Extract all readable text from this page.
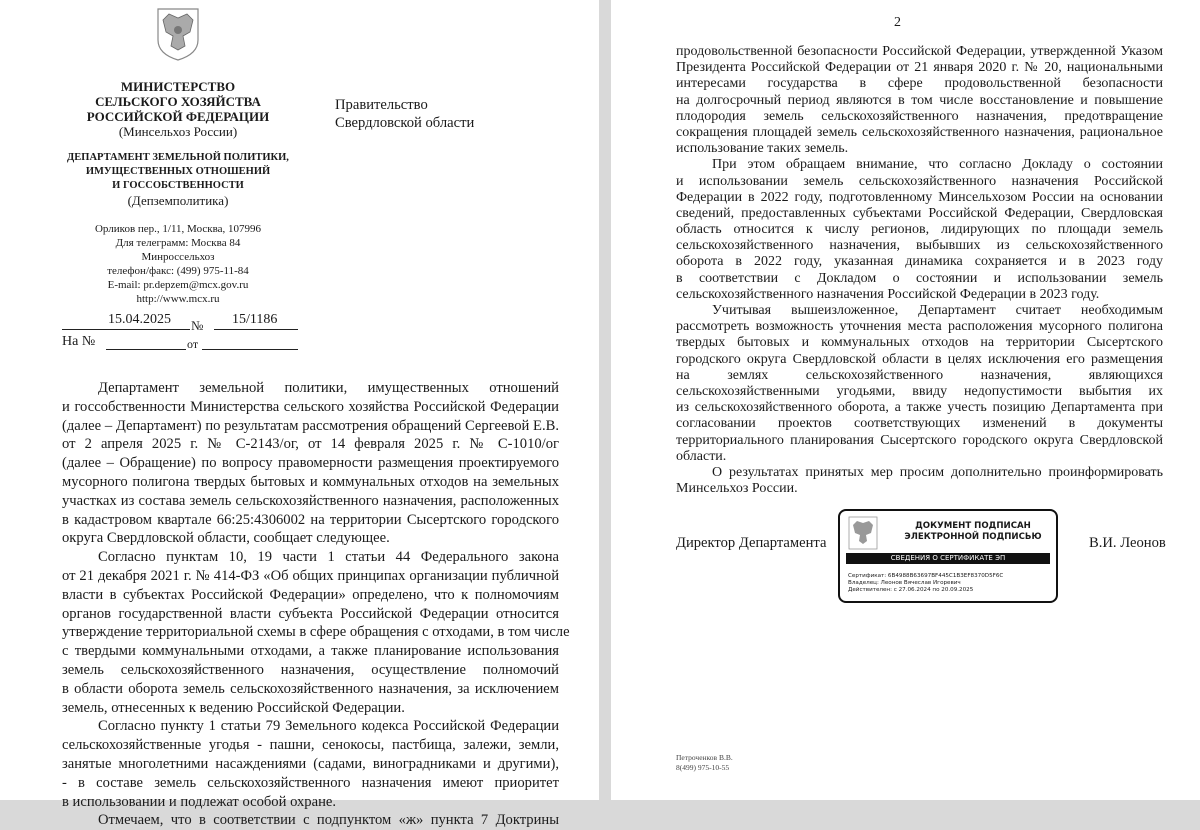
МИНИСТЕРСТВО
СЕЛЬСКОГО ХОЗЯЙСТВА
РОССИЙСКОЙ ФЕДЕРАЦИИ
(Минсельхоз России)
ДЕПАРТАМЕНТ ЗЕМЕЛЬНОЙ ПОЛИТИКИ,
ИМУЩЕСТВЕННЫХ ОТНОШЕНИЙ
И ГОССОБСТВЕННОСТИ
(Депземполитика)
Орликов пер., 1/11, Москва, 107996
Для телеграмм: Москва 84
Минроссельхоз
телефон/факс: (499) 975-11-84
E-mail: pr.depzem@mcx.gov.ru
http://www.mcx.ru
15.04.2025 № 15/1186
На №	от
Правительство
Свердловской области
Департамент земельной политики, имущественных отношений
и госсобственности Министерства сельского хозяйства Российской Федерации
(далее – Департамент) по результатам рассмотрения обращений Сергеевой Е.В.
от 2 апреля 2025 г. № С-2143/ог, от 14 февраля 2025 г. № С-1010/ог
(далее – Обращение) по вопросу правомерности размещения проектируемого
мусорного полигона твердых бытовых и коммунальных отходов на земельных
участках из состава земель сельскохозяйственного назначения, расположенных
в кадастровом квартале 66:25:4306002 на территории Сысертского городского
округа Свердловской области, сообщает следующее.
Согласно пунктам 10, 19 части 1 статьи 44 Федерального закона
от 21 декабря 2021 г. № 414-ФЗ «Об общих принципах организации публичной
власти в субъектах Российской Федерации» определено, что к полномочиям
органов государственной власти субъекта Российской Федерации относится
утверждение территориальной схемы в сфере обращения с отходами, в том числе
с твердыми коммунальными отходами, а также планирование использования
земель сельскохозяйственного назначения, осуществление полномочий
в области оборота земель сельскохозяйственного назначения, за исключением
земель, отнесенных к ведению Российской Федерации.
Согласно пункту 1 статьи 79 Земельного кодекса Российской Федерации
сельскохозяйственные угодья - пашни, сенокосы, пастбища, залежи, земли,
занятые многолетними насаждениями (садами, виноградниками и другими),
- в составе земель сельскохозяйственного назначения имеют приоритет
в использовании и подлежат особой охране.
Отмечаем, что в соответствии с подпунктом «ж» пункта 7 Доктрины
2
продовольственной безопасности Российской Федерации, утвержденной Указом
Президента Российской Федерации от 21 января 2020 г. № 20, национальными
интересами государства в сфере продовольственной безопасности
на долгосрочный период являются в том числе восстановление и повышение
плодородия земель сельскохозяйственного назначения, предотвращение
сокращения площадей земель сельскохозяйственного назначения, рациональное
использование таких земель.
При этом обращаем внимание, что согласно Докладу о состоянии
и использовании земель сельскохозяйственного назначения Российской
Федерации в 2022 году, подготовленному Минсельхозом России на основании
сведений, предоставленных субъектами Российской Федерации, Свердловская
область относится к числу регионов, лидирующих по площади земель
сельскохозяйственного назначения, выбывших из сельскохозяйственного
оборота в 2022 году, указанная динамика сохраняется и в 2023 году
в соответствии с Докладом о состоянии и использовании земель
сельскохозяйственного назначения Российской Федерации в 2023 году.
Учитывая вышеизложенное, Департамент считает необходимым
рассмотреть возможность уточнения места расположения мусорного полигона
твердых бытовых и коммунальных отходов на территории Сысертского
городского округа Свердловской области в целях исключения его размещения
на землях сельскохозяйственного назначения, являющихся
сельскохозяйственными угодьями, ввиду недопустимости выбытия их
из сельскохозяйственного оборота, а также учесть позицию Департамента при
согласовании проектов соответствующих изменений в документы
территориального планирования Сысертского городского округа Свердловской
области.
О результатах принятых мер просим дополнительно проинформировать
Минсельхоз России.
Директор Департамента	В.И. Леонов
ДОКУМЕНТ ПОДПИСАН
ЭЛЕКТРОННОЙ ПОДПИСЬЮ
СВЕДЕНИЯ О СЕРТИФИКАТЕ ЭП
Сертификат: 6B4988B63697BF445C1B3EF8370D5F6C
Владелец: Леонов Вячеслав Игоревич
Действителен: с 27.06.2024 по 20.09.2025
Петроченков В.В.
8(499) 975-10-55
